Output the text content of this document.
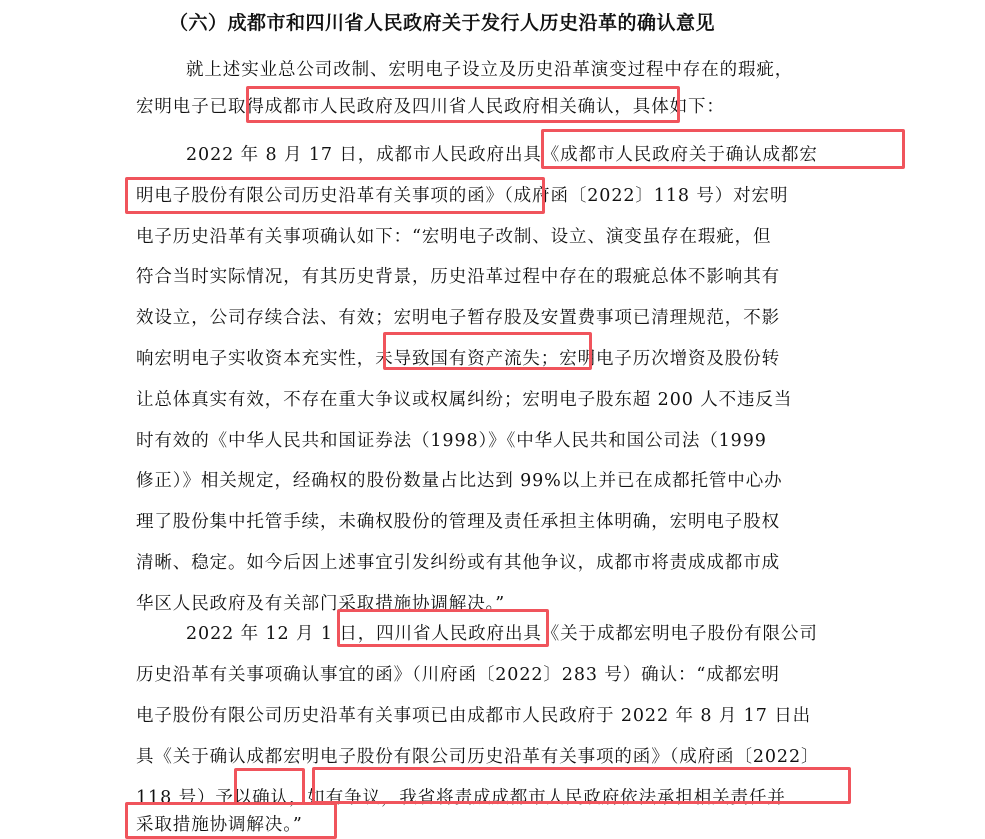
（六）成都市和四川省人民政府关于发行人历史沿革的确认意见
就上述实业总公司改制、宏明电子设立及历史沿革演变过程中存在的瑕疵，
宏明电子已取得成都市人民政府及四川省人民政府相关确认，具体如下：
2022 年 8 月 17 日，成都市人民政府出具《成都市人民政府关于确认成都宏
明电子股份有限公司历史沿革有关事项的函》（成府函〔2022〕118 号）对宏明
电子历史沿革有关事项确认如下：“宏明电子改制、设立、演变虽存在瑕疵，但
符合当时实际情况，有其历史背景，历史沿革过程中存在的瑕疵总体不影响其有
效设立，公司存续合法、有效；宏明电子暂存股及安置费事项已清理规范，不影
响宏明电子实收资本充实性，未导致国有资产流失；宏明电子历次增资及股份转
让总体真实有效，不存在重大争议或权属纠纷；宏明电子股东超 200 人不违反当
时有效的《中华人民共和国证券法（1998）》《中华人民共和国公司法（1999
修正）》相关规定，经确权的股份数量占比达到 99%以上并已在成都托管中心办
理了股份集中托管手续，未确权股份的管理及责任承担主体明确，宏明电子股权
清晰、稳定。如今后因上述事宜引发纠纷或有其他争议，成都市将责成成都市成
华区人民政府及有关部门采取措施协调解决。”
2022 年 12 月 1 日，四川省人民政府出具《关于成都宏明电子股份有限公司
历史沿革有关事项确认事宜的函》（川府函〔2022〕283 号）确认：“成都宏明
电子股份有限公司历史沿革有关事项已由成都市人民政府于 2022 年 8 月 17 日出
具《关于确认成都宏明电子股份有限公司历史沿革有关事项的函》（成府函〔2022〕
118 号）予以确认，如有争议，我省将责成成都市人民政府依法承担相关责任并
采取措施协调解决。”
